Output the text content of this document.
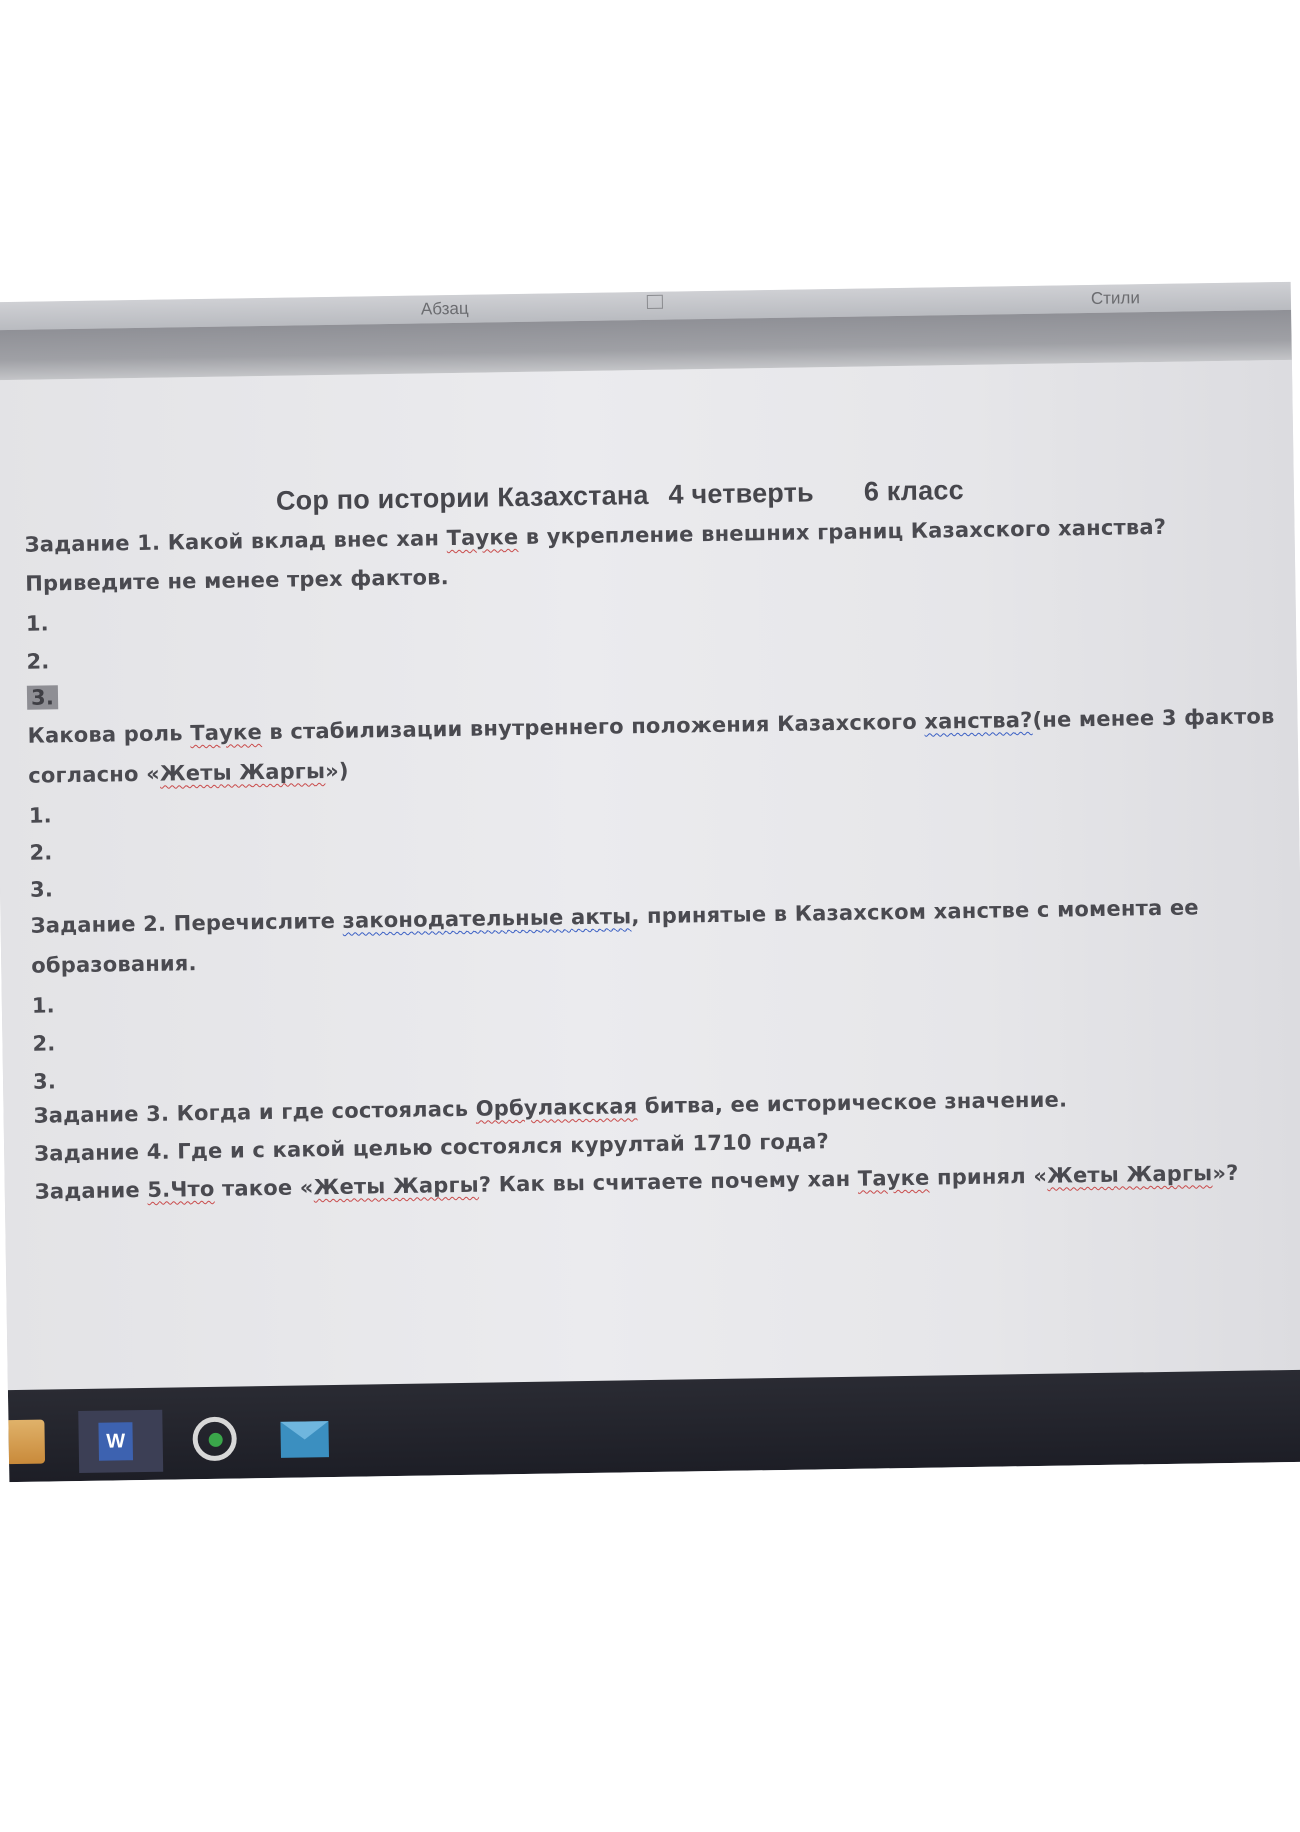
Абзац
Стили
Сор по истории Казахстана 4 четверть 6 класс
Задание 1. Какой вклад внес хан Тауке в укрепление внешних границ Казахского ханства?
Приведите не менее трех фактов.
1.
2.
3.
Какова роль Тауке в стабилизации внутреннего положения Казахского ханства?(не менее 3 фактов
согласно «Жеты Жаргы»)
1.
2.
3.
Задание 2. Перечислите законодательные акты, принятые в Казахском ханстве с момента ее
образования.
1.
2.
3.
Задание 3. Когда и где состоялась Орбулакская битва, ее историческое значение.
Задание 4. Где и с какой целью состоялся курултай 1710 года?
Задание 5.Что такое «Жеты Жаргы? Как вы считаете почему хан Тауке принял «Жеты Жаргы»?
W
